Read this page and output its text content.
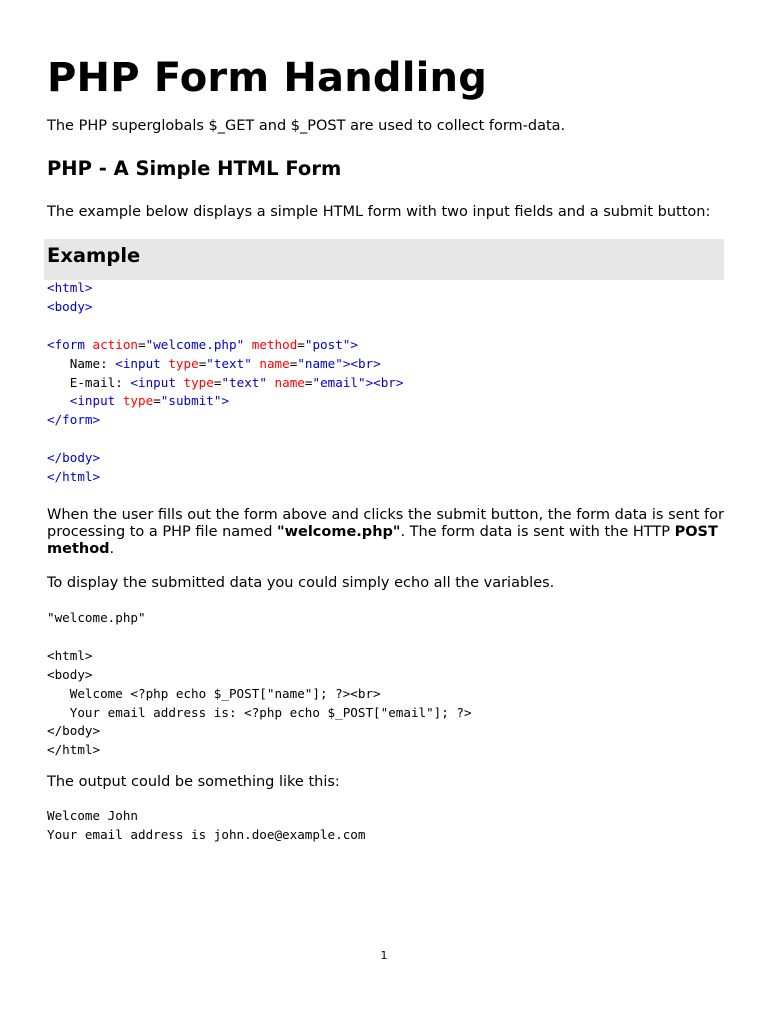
PHP Form Handling

The PHP superglobals $_GET and $_POST are used to collect form-data.

PHP - A Simple HTML Form

The example below displays a simple HTML form with two input fields and a submit button:

Example
<html>
<body>

<form action="welcome.php" method="post">
Name: <input type="text" name="name"><br>
E-mail: <input type="text" name="email"><br>
<input type="submit">
</form>

</body>
</html>

When the user fills out the form above and clicks the submit button, the form data is sent for processing to a PHP file named "welcome.php". The form data is sent with the HTTP POST method.

To display the submitted data you could simply echo all the variables.

"welcome.php"

<html>
<body>
Welcome <?php echo $_POST["name"]; ?><br>
Your email address is: <?php echo $_POST["email"]; ?>
</body>
</html>

The output could be something like this:

Welcome John
Your email address is john.doe@example.com
1
